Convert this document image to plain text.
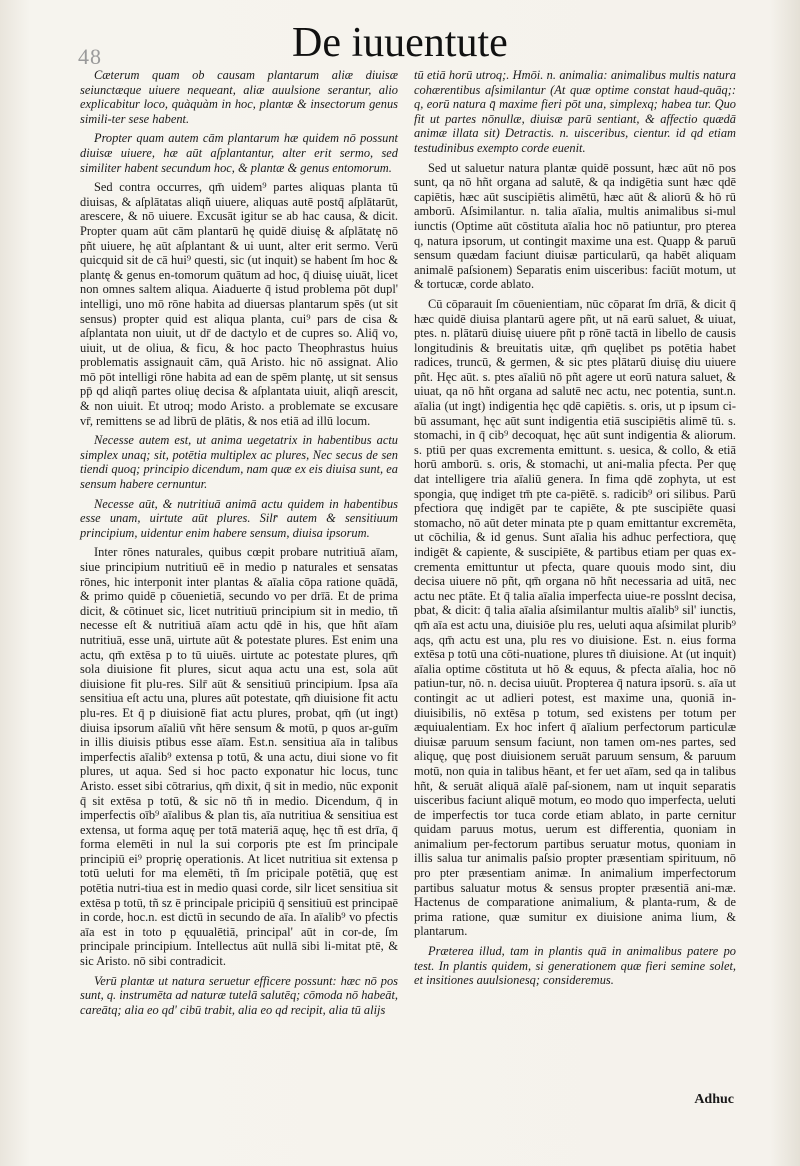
48	De iuuentute

Cæterum quam ob causam plantarum aliæ diuisæ seiunctæque uiuere nequeant, aliæ auulsione serantur, alio explicabitur loco, quàquàm in hoc, plantæ & insectorum genus simili-ter sese habent.

Propter quam autem cām plantarum hæ quidem nō possunt diuisæ uiuere, hæ aūt aſplantantur, alter erit sermo, sed similiter habent secundum hoc, & plantæ & genus entomorum.

Sed contra occurres, qm̄ uidem⁹ partes aliquas planta tū diuisas, & aſplātatas aliqñ uiuere, aliquas autē postq̄ aſplātarūt, arescere, & nō uiuere. Excusāt igitur se ab hac causa, & dicit. Propter quam aūt cām plantarū hę quidē diuisę & aſplātatę nō pñt uiuere, hę aūt aſplantant & ui uunt, alter erit sermo. Verū quicquid sit de cā hui⁹ questi, sic (ut inquit) se habent ſm hoc & plantę & genus en-tomorum quātum ad hoc, q̄ diuisę uiuāt, licet non omnes saltem aliqua. Aiaduerte q̄ istud problema pōt dupl' intelligi, uno mō rōne habita ad diuersas plantarum spēs (ut sit sensus) propter quid est aliqua planta, cui⁹ pars de cisa & aſplantata non uiuit, ut dr̄ de dactylo et de cupres so. Aliq̄ vo, uiuit, ut de oliua, & ficu, & hoc pacto Theophrastus huius problematis assignauit cām, quā Aristo. hic nō assignat. Alio mō pōt intelligi rōne habita ad ean de spēm plantę, ut sit sensus pp̄ qd aliqñ partes oliuę decisa & aſplantata uiuit, aliqñ arescit, & non uiuit. Et utroq; modo Aristo. a problemate se excusare vr̄, remittens se ad librū de plātis, & nos etiā ad illū locum.

Necesse autem est, ut anima uegetatrix in habentibus actu simplex unaq; sit, potētia multiplex ac plures, Nec secus de sen tiendi quoq; principio dicendum, nam quæ ex eis diuisa sunt, ea sensum habere cernuntur.

Necesse aūt, & nutritiuā animā actu quidem in habentibus esse unam, uirtute aūt plures. Silr̄ autem & sensitiuum principium, uidentur enim habere sensum, diuisa ipsorum.

Inter rōnes naturales, quibus cœpit probare nutritiuā aīam, siue principium nutritiuū eē in medio p naturales et sensatas rōnes, hic interponit inter plantas & aīalia cōpa ratione quādā, & primo quidē p cōuenietiā, secundo vo per drīā. Et de prima dicit, & cōtinuet sic, licet nutritiuū principium sit in medio, tñ necesse eſt & nutritiuā aīam actu qdē in his, que hñt aīam nutritiuā, esse unā, uirtute aūt & potestate plures. Est enim una actu, qm̄ extēsa p to tū uiuēs. uirtute ac potestate plures, qm̄ sola diuisione fit plures, sicut aqua actu una est, sola aūt diuisione fit plu-res. Silr̄ aūt & sensitiuū principium. Ipsa aīa sensitiua eſt actu una, plures aūt potestate, qm̄ diuisione fit actu plu-res. Et q̄ p diuisionē fiat actu plures, probat, qm̄ (ut ingt) diuisa ipsorum aīaliū vñt hēre sensum & motū, p quos ar-guīm in illis diuisis ptibus esse aīam. Est.n. sensitiua aīa in talibus imperfectis aīalib⁹ extensa p totū, & una actu, diui sione vo fit plures, ut aqua. Sed si hoc pacto exponatur hic locus, tunc Aristo. esset sibi cōtrarius, qm̄ dixit, q̄ sit in medio, nūc exponit q̄ sit extēsa p totū, & sic nō tñ in medio. Dicendum, q̄ in imperfectis oīb⁹ aīalibus & plan tis, aīa nutritiua & sensitiua est extensa, ut forma aquę per totā materiā aquę, hęc tñ est drīa, q̄ forma elemēti in nul la sui corporis pte est ſm principale principiū ei⁹ proprię operationis. At licet nutritiua sit extensa p totū ueluti for ma elemēti, tñ ſm pricipale potētiā, quę est potētia nutri-tiua est in medio quasi corde, silr licet sensitiua sit extēsa p totū, tñ sz ē principale pricipiū q̄ sensitiuū est principaē in corde, hoc.n. est dictū in secundo de aīa. In aīalib⁹ vo pfectis aīa est in toto p ęquualētiā, principal' aūt in cor-de, ſm principale principium. Intellectus aūt nullā sibi li-mitat ptē, & sic Aristo. nō sibi contradicit.

Verū plantæ ut natura seruetur efficere possunt: hæc nō pos sunt, q. instrumēta ad naturæ tutelā salutēq; cōmoda nō habeāt, careātq; alia eo qd' cibū trabit, alia eo qd recipit, alia tū alijs

tū etiā horū utroq;. Hmōi. n. animalia: animalibus multis natura cohærentibus aſsimilantur (At quæ optime constat haud-quāq;: q, eorū natura q̄ maxime fieri pōt una, simplexq; habea tur. Quo fit ut partes nōnullæ, diuisæ parū sentiant, & affectio quædā animæ illata sit) Detractis. n. uisceribus, cientur. id qd etiam testudinibus exempto corde euenit.

Sed ut saluetur natura plantæ quidē possunt, hæc aūt nō pos sunt, qa nō hñt organa ad salutē, & qa indigētia sunt hæc qdē capiētis, hæc aūt suscipiētis alimētū, hæc aūt & aliorū & hō rū amborū. Aſsimilantur. n. talia aīalia, multis animalibus si-mul iunctis (Optime aūt cōstituta aīalia hoc nō patiuntur, pro pterea q, natura ipsorum, ut contingit maxime una est. Quapp & paruū sensum quædam faciunt diuisæ particularū, qa habēt aliquam animalē paſsionem) Separatis enim uisceribus: faciūt motum, ut & tortucæ, corde ablato.

Cū cōparauit ſm cōuenientiam, nūc cōparat ſm drīā, & dicit q̄ hæc quidē diuisa plantarū agere pñt, ut nā earū saluet, & uiuat, ptes. n. plātarū diuisę uiuere pñt p rōnē tactā in libello de causis longitudinis & breuitatis uitæ, qm̄ quęlibet ps potētia habet radices, truncū, & germen, & sic ptes plātarū diuisę diu uiuere pñt. Hęc aūt. s. ptes aīaliū nō pñt agere ut eorū natura saluet, & uiuat, qa nō hñt organa ad salutē nec actu, nec potentia, sunt.n. aīalia (ut ingt) indigentia hęc qdē capiētis. s. oris, ut p ipsum ci-bū assumant, hęc aūt sunt indigentia etiā suscipiētis alimē tū. s. stomachi, in q̄ cib⁹ decoquat, hęc aūt sunt indigentia & aliorum. s. ptiū per quas excrementa emittunt. s. uesica, & collo, & etiā horū amborū. s. oris, & stomachi, ut ani-malia pfecta. Per quę dat intelligere tria aīaliū genera. In fima qdē zophyta, ut est spongia, quę indiget tm̄ pte ca-piētē. s. radicib⁹ ori silibus. Parū pfectiora quę indigēt par te capiēte, & pte suscipiēte quasi stomacho, nō aūt deter minata pte p quam emittantur excremēta, ut cōchilia, & id genus. Sunt aīalia his adhuc perfectiora, quę indigēt & capiente, & suscipiēte, & partibus etiam per quas ex-crementa emittuntur ut pfecta, quare quouis modo sint, diu decisa uiuere nō pñt, qm̄ organa nō hñt necessaria ad uitā, nec actu nec ptāte. Et q̄ talia aīalia imperfecta uiue-re posslnt decisa, pbat, & dicit: q̄ talia aīalia aſsimilantur multis aīalib⁹ sil' iunctis, qm̄ aīa est actu una, diuisiōe plu res, ueluti aqua aſsimilat plurib⁹ aqs, qm̄ actu est una, plu res vo diuisione. Est. n. eius forma extēsa p totū una cōti-nuatione, plures tñ diuisione. At (ut inquit) aīalia optime cōstituta ut hō & equus, & pfecta aīalia, hoc nō patiun-tur, nō. n. decisa uiuūt. Propterea q̄ natura ipsorū. s. aīa ut contingit ac ut adlieri potest, est maxime una, quoniā in-diuisibilis, nō extēsa p totum, sed existens per totum per æquiualentiam. Ex hoc infert q̄ aīalium perfectorum particulæ diuisæ paruum sensum faciunt, non tamen om-nes partes, sed aliquę, quę post diuisionem seruāt paruum sensum, & paruum motū, non quia in talibus hēant, et fer uet aīam, sed qa in talibus hñt, & seruāt aliquā aīalē paſ-sionem, nam ut inquit separatis uisceribus faciunt aliquē motum, eo modo quo imperfecta, ueluti de imperfectis tor tuca corde etiam ablato, in parte cernitur quidam paruus motus, uerum est differentia, quoniam in animalium per-fectorum partibus seruatur motus, quoniam in illis salua tur animalis paſsio propter præsentiam spirituum, nō pro pter præsentiam animæ. In animalium imperfectorum partibus saluatur motus & sensus propter præsentiā ani-mæ. Hactenus de comparatione animalium, & planta-rum, & de prima ratione, quæ sumitur ex diuisione anima lium, & plantarum.

Præterea illud, tam in plantis quā in animalibus patere po test. In plantis quidem, si generationem quæ fieri semine solet, et insitiones auulsionesq; consideremus.

Adhuc
